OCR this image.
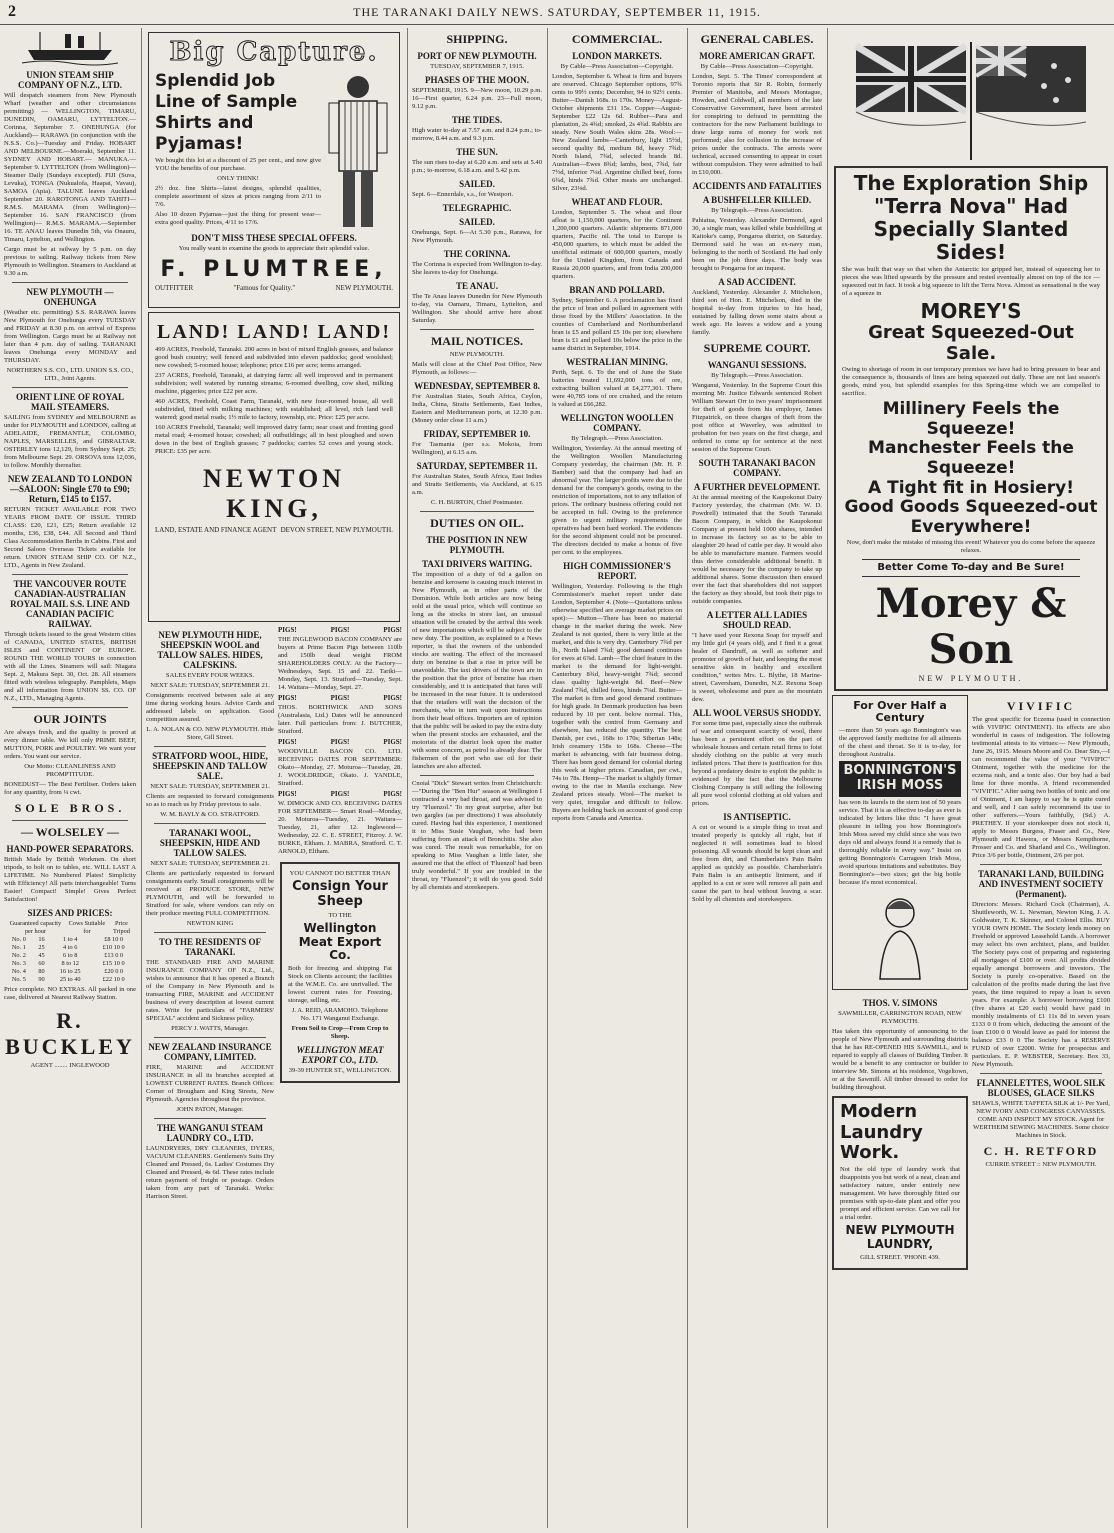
2	THE TARANAKI DAILY NEWS. SATURDAY, SEPTEMBER 11, 1915.
UNION STEAM SHIP COMPANY OF N.Z., LTD.
Will despatch steamers from New Plymouth Wharf (weather and other circumstances permitting) — WELLINGTON, TIMARU, DUNEDIN, OAMARU, LYTTELTON.—Corinna, September 7. ONEHUNGA (for Auckland)— RARAWA (in conjunction with the N.S.S. Co.)—Tuesday and Friday. HOBART AND MELBOURNE.—Moeraki, September 11. SYDNEY AND HOBART.— MANUKA.—September 9. LYTTELTON (from Wellington)— Steamer Daily (Sundays excepted). FIJI (Suva, Levuka), TONGA (Nukualofa, Haapai, Vavau), SAMOA (Apia). TALUNE leaves Auckland September 20. RAROTONGA AND TAHITI— R.M.S. MARAMA (from Wellington)—September 16. SAN FRANCISCO (from Wellington)— R.M.S. MARAMA.—September 16. TE ANAU leaves Dunedin 5th, via Onauru, Timaru, Lyttelton, and Wellington.
Cargo must be at railway by 5 p.m. on day previous to sailing. Railway tickets from New Plymouth to Wellington. Steamers to Auckland at 9.30 a.m.
NEW PLYMOUTH — ONEHUNGA
(Weather etc. permitting) S.S. RARAWA leaves New Plymouth for Onehunga every TUESDAY and FRIDAY at 8.30 p.m. on arrival of Express from Wellington. Cargo must be at Railway not later than 4 p.m. day of sailing. TARANAKI leaves Onehunga every MONDAY and THURSDAY.
NORTHERN S.S. CO., LTD. UNION S.S. CO., LTD., Joint Agents.
ORIENT LINE OF ROYAL MAIL STEAMERS.
SAILING from SYDNEY and MELBOURNE as under for PLYMOUTH and LONDON, calling at ADELAIDE, FREMANTLE, COLOMBO, NAPLES, MARSEILLES, and GIBRALTAR. OSTERLEY tons 12,129, from Sydney Sept. 25; from Melbourne Sept. 29. ORSOVA tons 12,036, to follow. Monthly thereafter.
NEW ZEALAND TO LONDON —SALOON: Single £70 to £90; Return, £145 to £157.
RETURN TICKET AVAILABLE FOR TWO YEARS FROM DATE OF ISSUE. THIRD CLASS: £20, £21, £25; Return available 12 months, £36, £38, £44. All Second and Third Class Accommodation Berths in Cabins. First and Second Saloon Overseas Tickets available for return. UNION STEAM SHIP CO. OF N.Z., LTD., Agents in New Zealand.
THE VANCOUVER ROUTE CANADIAN-AUSTRALIAN ROYAL MAIL S.S. LINE AND CANADIAN PACIFIC RAILWAY.
Through tickets issued to the great Western cities of CANADA, UNITED STATES, BRITISH ISLES and CONTINENT OF EUROPE. ROUND THE WORLD TOURS in connection with all the Lines. Steamers will sail: Niagara Sept. 2, Makura Sept. 30, Oct. 28. All steamers fitted with wireless telegraphy. Pamphlets, Maps and all information from UNION SS. CO. OF N.Z., LTD., Managing Agents.
OUR JOINTS
Are always fresh, and the quality is proved at every dinner table. We kill only PRIME BEEF, MUTTON, PORK and POULTRY. We want your orders. You want our service.
Our Motto: CLEANLINESS AND PROMPTITUDE.
BONEDUST— The Best Fertiliser. Orders taken for any quantity, from ¼ cwt.
SOLE BROS.
— WOLSELEY —
HAND-POWER SEPARATORS.
British Made by British Workmen. On short tripods, to bolt on to tables, etc. WILL LAST A LIFETIME. No Numbered Plates! Simplicity with Efficiency! All parts interchangeable! Turns Easier! Compact! Simple! Gives Perfect Satisfaction!
SIZES AND PRICES:
Guaranteed capacity per hour	Cows Suitable for	Price Tripod
No. 0	16	1 to 4	£8 10 0
No. 1	25	4 to 6	£10 10 0
No. 2	45	6 to 8	£13 0 0
No. 3	60	8 to 12	£15 10 0
No. 4	80	16 to 25	£20 0 0
No. 5	90	25 to 40	£22 10 0
Price complete. NO EXTRAS. All packed in one case, delivered at Nearest Railway Station.
R. BUCKLEY
AGENT ........ INGLEWOOD
Big Capture.
Splendid Job Line of Sample Shirts and Pyjamas!
We bought this lot at a discount of 25 per cent., and now give YOU the benefits of our purchase.
ONLY THINK!
2½ doz. fine Shirts—latest designs, splendid qualities, complete assortment of sizes at prices ranging from 2/11 to 7/6.
Also 10 dozen Pyjamas—just the thing for present wear—extra good quality. Prices, 4/11 to 17/6.
DON'T MISS THESE SPECIAL OFFERS.
You really want to examine the goods to appreciate their splendid value.
F. PLUMTREE,
OUTFITTER	"Famous for Quality."	NEW PLYMOUTH.
LAND! LAND! LAND!
499 ACRES, Freehold, Taranaki. 200 acres in best of mixed English grasses, and balance good bush country; well fenced and subdivided into eleven paddocks; good woolshed; new cowshed; 5-roomed house; telephone; price £16 per acre; terms arranged.
237 ACRES, Freehold, Taranaki, at dairying farm: all well improved and in permanent subdivision; well watered by running streams; 6-roomed dwelling, cow shed, milking machine, piggeries; price £22 per acre.
460 ACRES, Freehold, Coast Farm, Taranaki, with new four-roomed house, all well subdivided, fitted with milking machines; with established; all level, rich land well watered; good metal roads; 1½ mile to factory, township, etc. Price: £25 per acre.
160 ACRES Freehold, Taranaki; well improved dairy farm; near coast and fronting good metal road; 4-roomed house; cowshed; all outbuildings; all in best ploughed and sown down in the best of English grasses; 7 paddocks; carries 52 cows and young stock. PRICE: £35 per acre.
NEWTON KING,
LAND, ESTATE AND FINANCE AGENT DEVON STREET, NEW PLYMOUTH.
NEW PLYMOUTH HIDE, SHEEPSKIN WOOL and TALLOW SALES. HIDES, CALFSKINS.
SALES EVERY FOUR WEEKS.
NEXT SALE: TUESDAY, SEPTEMBER 21.
Consignments received between sale at any time during working hours. Advice Cards and addressed labels on application. Good competition assured.
L. A. NOLAN & CO. NEW PLYMOUTH. Hide Store, Gill Street.
STRATFORD WOOL, HIDE, SHEEPSKIN AND TALLOW SALE.
NEXT SALE: TUESDAY, SEPTEMBER 21.
Clients are requested to forward consignments so as to reach us by Friday previous to sale.
W. M. BAYLY & CO. STRATFORD.
TARANAKI WOOL, SHEEPSKIN, HIDE AND TALLOW SALES.
NEXT SALE: TUESDAY, SEPTEMBER 21.
Clients are particularly requested to forward consignments early. Small consignments will be received at PRODUCE STORE, NEW PLYMOUTH, and will be forwarded to Stratford for sale, where vendors can rely on their produce meeting FULL COMPETITION.
NEWTON KING
TO THE RESIDENTS OF TARANAKI.
THE STANDARD FIRE AND MARINE INSURANCE COMPANY OF N.Z., Ltd., wishes to announce that it has opened a Branch of the Company in New Plymouth and is transacting FIRE, MARINE and ACCIDENT business of every description at lowest current rates. Write for particulars of "FARMERS' SPECIAL" accident and Sickness policy.
PERCY J. WATTS, Manager.
NEW ZEALAND INSURANCE COMPANY, LIMITED.
FIRE, MARINE and ACCIDENT INSURANCE in all its branches accepted at LOWEST CURRENT RATES. Branch Offices: Corner of Brougham and King Streets, New Plymouth. Agencies throughout the province.
JOHN PATON, Manager.
THE WANGANUI STEAM LAUNDRY CO., LTD.
LAUNDRYERS, DRY CLEANERS, DYERS, VACUUM CLEANERS. Gentlemen's Suits Dry Cleaned and Pressed, 6s. Ladies' Costumes Dry Cleaned and Pressed, 4s 6d. These rates include return payment of freight or postage. Orders taken from any part of Taranaki. Works: Harrison Street.
PIGS!	PIGS!	PIGS!
THE INGLEWOOD BACON COMPANY are buyers at Prime Bacon Pigs between 110lb and 150lb dead weight FROM SHAREHOLDERS ONLY. At the Factory—Wednesdays, Sept. 15 and 22. Tariki—Monday, Sept. 13. Stratford—Tuesday, Sept. 14. Waitara—Monday, Sept. 27.
PIGS!	PIGS!	PIGS!
THOS. BORTHWICK AND SONS (Australasia, Ltd.) Dates will be announced later. Full particulars from: J. BUTCHER, Stratford.
PIGS!	PIGS!	PIGS!
WOODVILLE BACON CO. LTD. RECEIVING DATES FOR SEPTEMBER: Okato—Monday, 27. Moturoa—Tuesday, 28. J. WOOLDRIDGE, Okato. J. YANDLE, Stratford.
PIGS!	PIGS!	PIGS!
W. DIMOCK AND CO. RECEIVING DATES FOR SEPTEMBER— Smart Road—Monday, 20. Moturoa—Tuesday, 21. Waitara—Tuesday, 21, after 12. Inglewood—Wednesday, 22. C. E. STREET, Fitzroy. J. W. BURKE, Eltham. J. MABRA, Stratford. C. T. ARNOLD, Eltham.
YOU CANNOT DO BETTER THAN
Consign Your Sheep
TO THE
Wellington Meat Export Co.
Both for freezing and shipping Fat Stock on Clients account; the facilities at the W.M.E. Co. are unrivalled. The lowest current rates for Freezing, storage, selling, etc.
J. A. REID, ARAMOHO. Telephone No. 171 Wanganui Exchange.
From Soil to Crop—From Crop to Sheep.
WELLINGTON MEAT EXPORT CO., LTD.
39-39 HUNTER ST., WELLINGTON.
SHIPPING.
PORT OF NEW PLYMOUTH.
TUESDAY, SEPTEMBER 7, 1915.
PHASES OF THE MOON.
SEPTEMBER, 1915. 9—New moon, 10.29 p.m. 16—First quarter, 6.24 p.m. 23—Full moon, 9.12 p.m.
THE TIDES.
High water to-day at 7.57 a.m. and 8.24 p.m.; to-morrow, 8.44 a.m. and 9.3 p.m.
THE SUN.
The sun rises to-day at 6.20 a.m. and sets at 5.40 p.m.; to-morrow, 6.18 a.m. and 5.42 p.m.
SAILED.
Sept. 6—Ennerdale, s.s., for Westport.
TELEGRAPHIC.
SAILED.
Onehunga, Sept. 6—At 5.30 p.m., Rarawa, for New Plymouth.
THE CORINNA.
The Corinna is expected from Wellington to-day. She leaves to-day for Onehunga.
TE ANAU.
The Te Anau leaves Dunedin for New Plymouth to-day, via Oamaru, Timaru, Lyttelton, and Wellington. She should arrive here about Saturday.
MAIL NOTICES.
NEW PLYMOUTH.
Mails will close at the Chief Post Office, New Plymouth, as follows:—
WEDNESDAY, SEPTEMBER 8.
For Australian States, South Africa, Ceylon, India, China, Straits Settlements, East Indies, Eastern and Mediterranean ports, at 12.30 p.m. (Money order close 11 a.m.)
FRIDAY, SEPTEMBER 10.
For Tasmania (per s.s. Mokoia, from Wellington), at 6.15 a.m.
SATURDAY, SEPTEMBER 11.
For Australian States, South Africa, East Indies and Straits Settlements, via Auckland, at 6.15 a.m.
C. H. BURTON, Chief Postmaster.
DUTIES ON OIL.
THE POSITION IN NEW PLYMOUTH.
TAXI DRIVERS WAITING.
The imposition of a duty of 6d a gallon on benzine and kerosene is causing much interest in New Plymouth, as in other parts of the Dominion. While both articles are now being sold at the usual price, which will continue so long as the stocks in store last, an unusual situation will be created by the arrival this week of new importations which will be subject to the new duty. The position, as explained to a News reporter, is that the owners of the unbonded stocks are waiting. The effect of the increased duty on benzine is that a rise in price will be unavoidable. The taxi drivers of the town are in the position that the price of benzine has risen considerably, and it is anticipated that fares will be increased in the near future. It is understood that the retailers will wait the decision of the merchants, who in turn wait upon instructions from their head offices. Importers are of opinion that the public will be asked to pay the extra duty when the present stocks are exhausted, and the motorists of the district look upon the matter with some concern, as petrol is already dear. The fishermen of the port who use oil for their launches are also affected.
Cnoial "Dick" Stewart writes from Christchurch:—"During the "Ben Hur" season at Wellington I contracted a very bad throat, and was advised to try "Fluenzol." To my great surprise, after but two gargles (as per directions) I was absolutely cured. Having had this experience, I mentioned it to Miss Susie Vaughan, who had been suffering from an attack of Bronchitis. She also was cured. The result was remarkable, for on speaking to Miss Vaughan a little later, she assured me that the effect of 'Fluenzol' had been truly wonderful." If you are troubled in the throat, try "Fluenzol"; it will do you good. Sold by all chemists and storekeepers.
COMMERCIAL.
LONDON MARKETS.
By Cable—Press Association—Copyright.
London, September 6. Wheat is firm and buyers are reserved. Chicago September options, 97¾ cents to 99½ cents; December, 94 to 92½ cents. Butter—Danish 168s. to 170s. Money—August-October shipments £31 15s. Copper—August-September £22 12s 6d. Rubber—Para and plantation, 2s 4¾d; smoked, 2s 4¾d. Rabbits are steady. New South Wales skins 28s. Wool:—New Zealand lambs—Canterbury, light 15½d, second quality 8d, medium 8d, heavy 7¾d; North Island, 7¾d, selected brands 8d. Australian—Ewes 8¾d; lambs, best, 7¾d, fair 7½d, inferior 7¼d. Argentine chilled beef, fores 6¾d, hinds 7¾d. Other meats are unchanged. Silver, 23⅛d.
WHEAT AND FLOUR.
London, September 5. The wheat and flour afloat is 1,150,000 quarters, for the Continent 1,200,000 quarters. Atlantic shipments 871,000 quarters, Pacific nil. The total to Europe is 450,000 quarters, to which must be added the unofficial estimate of 600,000 quarters, mostly for the United Kingdom, from Canada and Russia 20,000 quarters, and from India 200,000 quarters.
BRAN AND POLLARD.
Sydney, September 6. A proclamation has fixed the price of bran and pollard in agreement with those fixed by the Millers' Association. In the counties of Cumberland and Northumberland bran is £5 and pollard £5 10s per ton; elsewhere bran is £1 and pollard 10s below the price in the same district in September, 1914.
WESTRALIAN MINING.
Perth, Sept. 6. To the end of June the State batteries treated 11,692,000 tons of ore, extracting bullion valued at £4,277,301. There were 40,785 tons of ore crushed, and the return is valued at £66,282.
WELLINGTON WOOLLEN COMPANY.
By Telegraph.—Press Association.
Wellington, Yesterday. At the annual meeting of the Wellington Woollen Manufacturing Company yesterday, the chairman (Mr. H. P. Bamber) said that the company had had an abnormal year. The larger profits were due to the demand for the company's goods, owing to the restriction of importations, not to any inflation of prices. The ordinary business offering could not be accepted in full. Owing to the preference given to urgent military requirements the operatives had been hard worked. The evidences for the second shipment could not be procured. The directors decided to make a bonus of five per cent. to the employees.
HIGH COMMISSIONER'S REPORT.
Wellington, Yesterday. Following is the High Commissioner's market report under date London, September 4. (Note—Quotations unless otherwise specified are average market prices on spot):— Mutton—There has been no material change in the market during the week. New Zealand is not quoted, there is very little at the market, and this is very dry. Canterbury 7¾d per lb., North Island 7¾d; good demand continues for ewes at 6⅞d. Lamb—The chief feature in the market is the demand for light-weight. Canterbury 8¾d, heavy-weight 7¾d; second class quality light-weight 8d. Beef—New Zealand 7¾d, chilled fores, hinds 7¼d. Butter—The market is firm and good demand continues for high grade. In Denmark production has been reduced by 10 per cent. below normal. This, together with the control from Germany and elsewhere, has reduced the quantity. The best Danish, per cwt., 168s to 170s; Siberian 148s; Irish creamery 158s to 168s. Cheese—The market is advancing, with fair business doing. There has been good demand for colonial during this week at higher prices. Canadian, per cwt., 74s to 78s. Hemp—The market is slightly firmer owing to the rise in Manila exchange. New Zealand prices steady. Wool—The market is very quiet, irregular and difficult to follow. Buyers are holding back on account of good crop reports from Canada and America.
GENERAL CABLES.
MORE AMERICAN GRAFT.
By Cable—Press Association—Copyright.
London, Sept. 5. The Times' correspondent at Toronto reports that Sir R. Robin, formerly Premier of Manitoba, and Messrs Montague, Howden, and Coldwell, all members of the late Conservative Government, have been arrested for conspiring to defraud in permitting the contractors for the new Parliament buildings to draw large sums of money for work not performed; also for collusion in the increase of prices under the contracts. The arrests were technical, accused consenting to appear in court without compulsion. They were admitted to bail in £10,000.
ACCIDENTS AND FATALITIES
A BUSHFELLER KILLED.
By Telegraph.—Press Association.
Pahiatua, Yesterday. Alexander Dermond, aged 30, a single man, was killed while bushfelling at Kaitoke's camp, Pongaroa district, on Saturday. Dermond said he was an ex-navy man, belonging to the north of Scotland. He had only been on the job three days. The body was brought to Pongaroa for an inquest.
A SAD ACCIDENT.
Auckland, Yesterday. Alexander J. Mitchelson, third son of Hon. E. Mitchelson, died in the hospital to-day from injuries to his head, sustained by falling down some stairs about a week ago. He leaves a widow and a young family.
SUPREME COURT.
WANGANUI SESSIONS.
By Telegraph.—Press Association.
Wanganui, Yesterday. In the Supreme Court this morning Mr. Justice Edwards sentenced Robert William Stewart Orr to two years' imprisonment for theft of goods from his employer, James Fitzpatrick, on three charges of theft from the post office at Waverley, was admitted to probation for two years on the first charge, and ordered to come up for sentence at the next session of the Supreme Court.
SOUTH TARANAKI BACON COMPANY.
A FURTHER DEVELOPMENT.
At the annual meeting of the Kaupokonui Dairy Factory yesterday, the chairman (Mr. W. D. Powdrell) intimated that the South Taranaki Bacon Company, in which the Kaupokonui Company at present held 1000 shares, intended to increase its factory so as to be able to slaughter 20 head of cattle per day. It would also be able to manufacture manure. Farmers would thus derive considerable additional benefit. It would be necessary for the company to take up additional shares. Some discussion then ensued over the fact that shareholders did not support the factory as they should, but took their pigs to outside companies.
A LETTER ALL LADIES SHOULD READ.
"I have used your Rexona Soap for myself and my little girl (4 years old), and I find it a great healer of Dandruff, as well as softener and promoter of growth of hair, and keeping the most sensitive skin in healthy and excellent condition," writes Mrs. L. Blythe, 18 Marine-street, Caversham, Dunedin, N.Z. Rexona Soap is sweet, wholesome and pure as the mountain dew.
ALL WOOL VERSUS SHODDY.
For some time past, especially since the outbreak of war and consequent scarcity of wool, there has been a persistent effort on the part of wholesale houses and certain retail firms to foist shoddy clothing on the public at very much inflated prices. That there is justification for this beyond a predatory desire to exploit the public is evidenced by the fact that the Melbourne Clothing Company is still selling the following all pure wool colonial clothing at old values and prices.
IS ANTISEPTIC.
A cut or wound is a simple thing to treat and treated properly is quickly all right, but if neglected it will sometimes lead to blood poisoning. All wounds should be kept clean and free from dirt, and Chamberlain's Pain Balm applied as quickly as possible. Chamberlain's Pain Balm is an antiseptic liniment, and if applied to a cut or sore will remove all pain and cause the part to heal without leaving a scar. Sold by all chemists and storekeepers.
The Exploration Ship
"Terra Nova" Had
Specially Slanted Sides!
She was built that way so that when the Antarctic ice gripped her, instead of squeezing her to pieces she was lifted upwards by the pressure and rested eventually almost on top of the ice —squeezed out in fact. It took a big squeeze to lift the Terra Nova. Almost as sensational is the way of a squeeze in
MOREY'S
Great Squeezed-Out Sale.
Owing to shortage of room in our temporary premises we have had to bring pressure to bear and the consequence is, thousands of lines are being squeezed out daily. These are not last season's goods, mind you, but splendid examples for this Spring-time which we are compelled to sacrifice.
Millinery Feels the Squeeze!
Manchester Feels the Squeeze!
A Tight fit in Hosiery!
Good Goods Squeezed-out Everywhere!
Now, don't make the mistake of missing this event! Whatever you do come before the squeeze relaxes.
Better Come To-day and Be Sure!
Morey & Son
NEW PLYMOUTH.
For Over Half a Century
—more than 50 years ago Bonnington's was the approved family medicine for all ailments of the chest and throat. So it is to-day, for throughout Australia.
BONNINGTON'S IRISH MOSS
has won its laurels in the stern test of 50 years service. That it is as effective to-day as ever is indicated by letters like this: "I have great pleasure in telling you how Bonnington's Irish Moss saved my child since she was two days old and always found it a remedy that is thoroughly reliable in every way." Insist on getting Bonnington's Carrageen Irish Moss, avoid spurious imitations and substitutes. Buy Bonnington's—two sizes; get the big bottle because it's most economical.
THOS. V. SIMONS
SAWMILLER, CARRINGTON ROAD, NEW PLYMOUTH.
Has taken this opportunity of announcing to the people of New Plymouth and surrounding districts that he has RE-OPENED HIS SAWMILL, and is repared to supply all classes of Building Timber. It would be a benefit to any contractor or builder to interview Mr. Simons at his residence, Vogeltown, or at the Sawmill. All timber dressed to order for building throughout.
Modern
Laundry
Work.
Not the old type of laundry work that disappoints you but work of a neat, clean and satisfactory nature, under entirely new management. We have thoroughly fitted our premises with up-to-date plant and offer you prompt and efficient service. Can we call for a trial order.
NEW PLYMOUTH LAUNDRY,
GILL STREET. 'PHONE 439.
VIVIFIC
The great specific for Eczema (used in connection with VIVIFIC OINTMENT). Its effects are also wonderful in cases of indigestion. The following testimonial attests to its virtues:— New Plymouth, June 26, 1915. Messrs Moore and Co. Dear Sirs,—I can recommend the value of your "VIVIFIC" Ointment, together with the medicine for the eczema rash, and a tonic also. Our boy had a bad lime for three months. A friend recommended "VIVIFIC." After using two bottles of tonic and one of Ointment, I am happy to say he is quite cured and well, and I can safely recommend its use to other sufferers.—Yours faithfully, (Sd.) A. PRETHEY. If your storekeeper does not stock it, apply to Messrs Burgess, Fraser and Co., New Plymouth and Hawera, or Messrs Kempthorne, Prosser and Co. and Sharland and Co., Wellington. Price 3/6 per bottle, Ointment, 2/6 per pot.
TARANAKI LAND, BUILDING AND INVESTMENT SOCIETY (Permanent).
Directors: Messrs. Richard Cock (Chairman), A. Shuttleworth, W. L. Newman, Newton King, J. A. Goldwater, T. K. Skinner, and Colonel Ellis. BUY YOUR OWN HOME. The Society lends money on Freehold or approved Leasehold Lands. A borrower may select his own architect, plans, and builder. The Society pays cost of preparing and registering all mortgages of £100 or over. All profits divided equally amongst borrowers and investors. The Society is purely co-operative. Based on the calculation of the profits made during the last five years, the time required to repay a loan is seven years. For example: A borrower borrowing £100 (five shares at £20 each) would have paid in monthly instalments of £1 11s 8d in seven years £133 0 0 from which, deducting the amount of the loan £100 0 0 Would leave as paid for interest the balance £33 0 0 The Society has a RESERVE FUND of over £2000. Write for prospectus and particulars. E. P. WEBSTER, Secretary. Box 33, New Plymouth.
FLANNELETTES, WOOL SILK BLOUSES, GLACE SILKS
SHAWLS, WHITE TAFFETA SILK at 1/- Per Yard, NEW IVORY AND CONGRESS CANVASSES. COME AND INSPECT MY STOCK. Agent for WERTHEIM SEWING MACHINES. Some choice Machines in Stock.
C. H. RETFORD
CURRIE STREET :: NEW PLYMOUTH.
